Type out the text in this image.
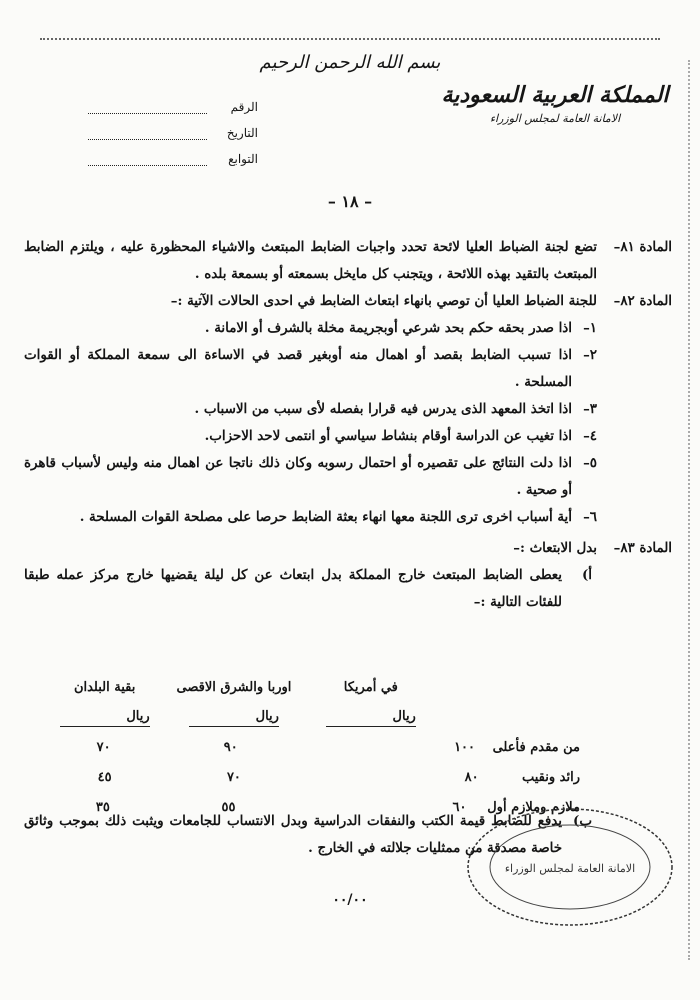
بسم الله الرحمن الرحيم
المملكة العربية السعودية
الامانة العامة لمجلس الوزراء
الرقم
التاريخ
التوابع
– ١٨ –
المادة ٨١–
تضع لجنة الضباط العليا لائحة تحدد واجبات الضابط المبتعث والاشياء المحظورة عليه ، ويلتزم الضابط المبتعث بالتقيد بهذه اللائحة ، ويتجنب كل مايخل بسمعته أو بسمعة بلده .
المادة ٨٢–
للجنة الضباط العليا أن توصي بانهاء ابتعاث الضابط في احدى الحالات الآتية :–
١–
اذا صدر بحقه حكم بحد شرعي أوبجريمة مخلة بالشرف أو الامانة .
٢–
اذا تسبب الضابط بقصد أو اهمال منه أوبغير قصد في الاساءة الى سمعة المملكة أو القوات المسلحة .
٣–
اذا اتخذ المعهد الذى يدرس فيه قرارا بفصله لأى سبب من الاسباب .
٤–
اذا تغيب عن الدراسة أوقام بنشاط سياسي أو انتمى لاحد الاحزاب.
٥–
اذا دلت النتائج على تقصيره أو احتمال رسوبه وكان ذلك ناتجا عن اهمال منه وليس لأسباب قاهرة أو صحية .
٦–
أية أسباب اخرى ترى اللجنة معها انهاء بعثة الضابط حرصا على مصلحة القوات المسلحة .
المادة ٨٣–
بدل الابتعاث :–
أ)
يعطى الضابط المبتعث خارج المملكة بدل ابتعاث عن كل ليلة يقضيها خارج مركز عمله طبقا للفئات التالية :–
في أمريكا
اوربا والشرق الاقصى
بقية البلدان
ريال
ريال
ريال
من مقدم فأعلى
١٠٠
٩٠
٧٠
رائد ونقيب
٨٠
٧٠
٤٥
ملازم وملازم أول
٦٠
٥٥
٣٥
ب)
يدفع للضابط قيمة الكتب والنفقات الدراسية وبدل الانتساب للجامعات ويثبت ذلك بموجب وثائق خاصة مصدقة من ممثليات جلالته في الخارج .
٠٠/٠٠
الامانة العامة لمجلس الوزراء
